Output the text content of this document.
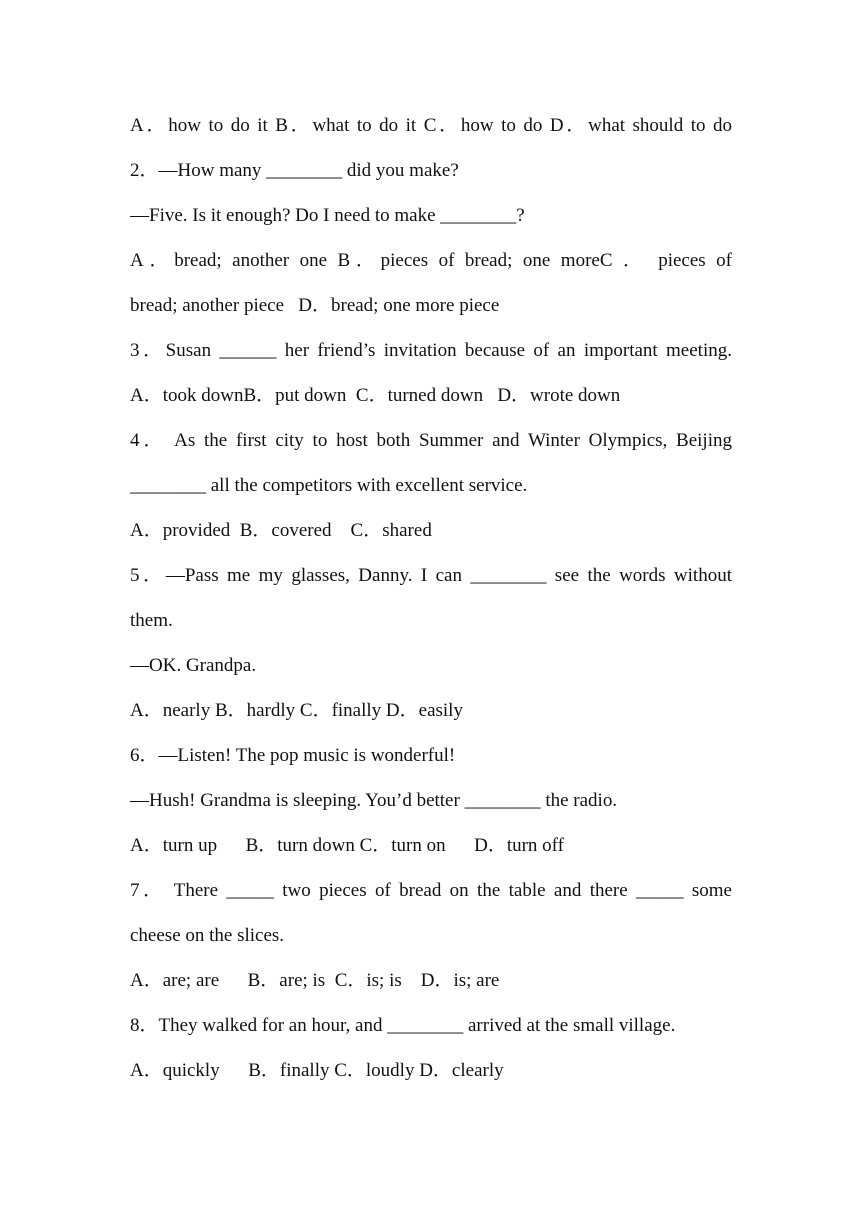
A．how to do it B．what to do it C．how to do D．what should to do
2．—How many ________ did you make?
—Five. Is it enough? Do I need to make ________?
A．bread; another one B．pieces of bread; one moreC ． pieces of
bread; another piece   D．bread; one more piece
3．Susan ______ her friend’s invitation because of an important meeting.
A．took downB．put down  C．turned down   D．wrote down
4． As the first city to host both Summer and Winter Olympics, Beijing
________ all the competitors with excellent service.
A．provided  B．covered    C．shared
5．—Pass me my glasses, Danny. I can ________ see the words without
them.
—OK. Grandpa.
A．nearly B．hardly C．finally D．easily
6．—Listen! The pop music is wonderful!
—Hush! Grandma is sleeping. You’d better ________ the radio.
A．turn up      B．turn down C．turn on      D．turn off
7． There _____ two pieces of bread on the table and there _____ some
cheese on the slices.
A．are; are      B．are; is  C．is; is    D．is; are
8．They walked for an hour, and ________ arrived at the small village.
A．quickly      B．finally C．loudly D．clearly
